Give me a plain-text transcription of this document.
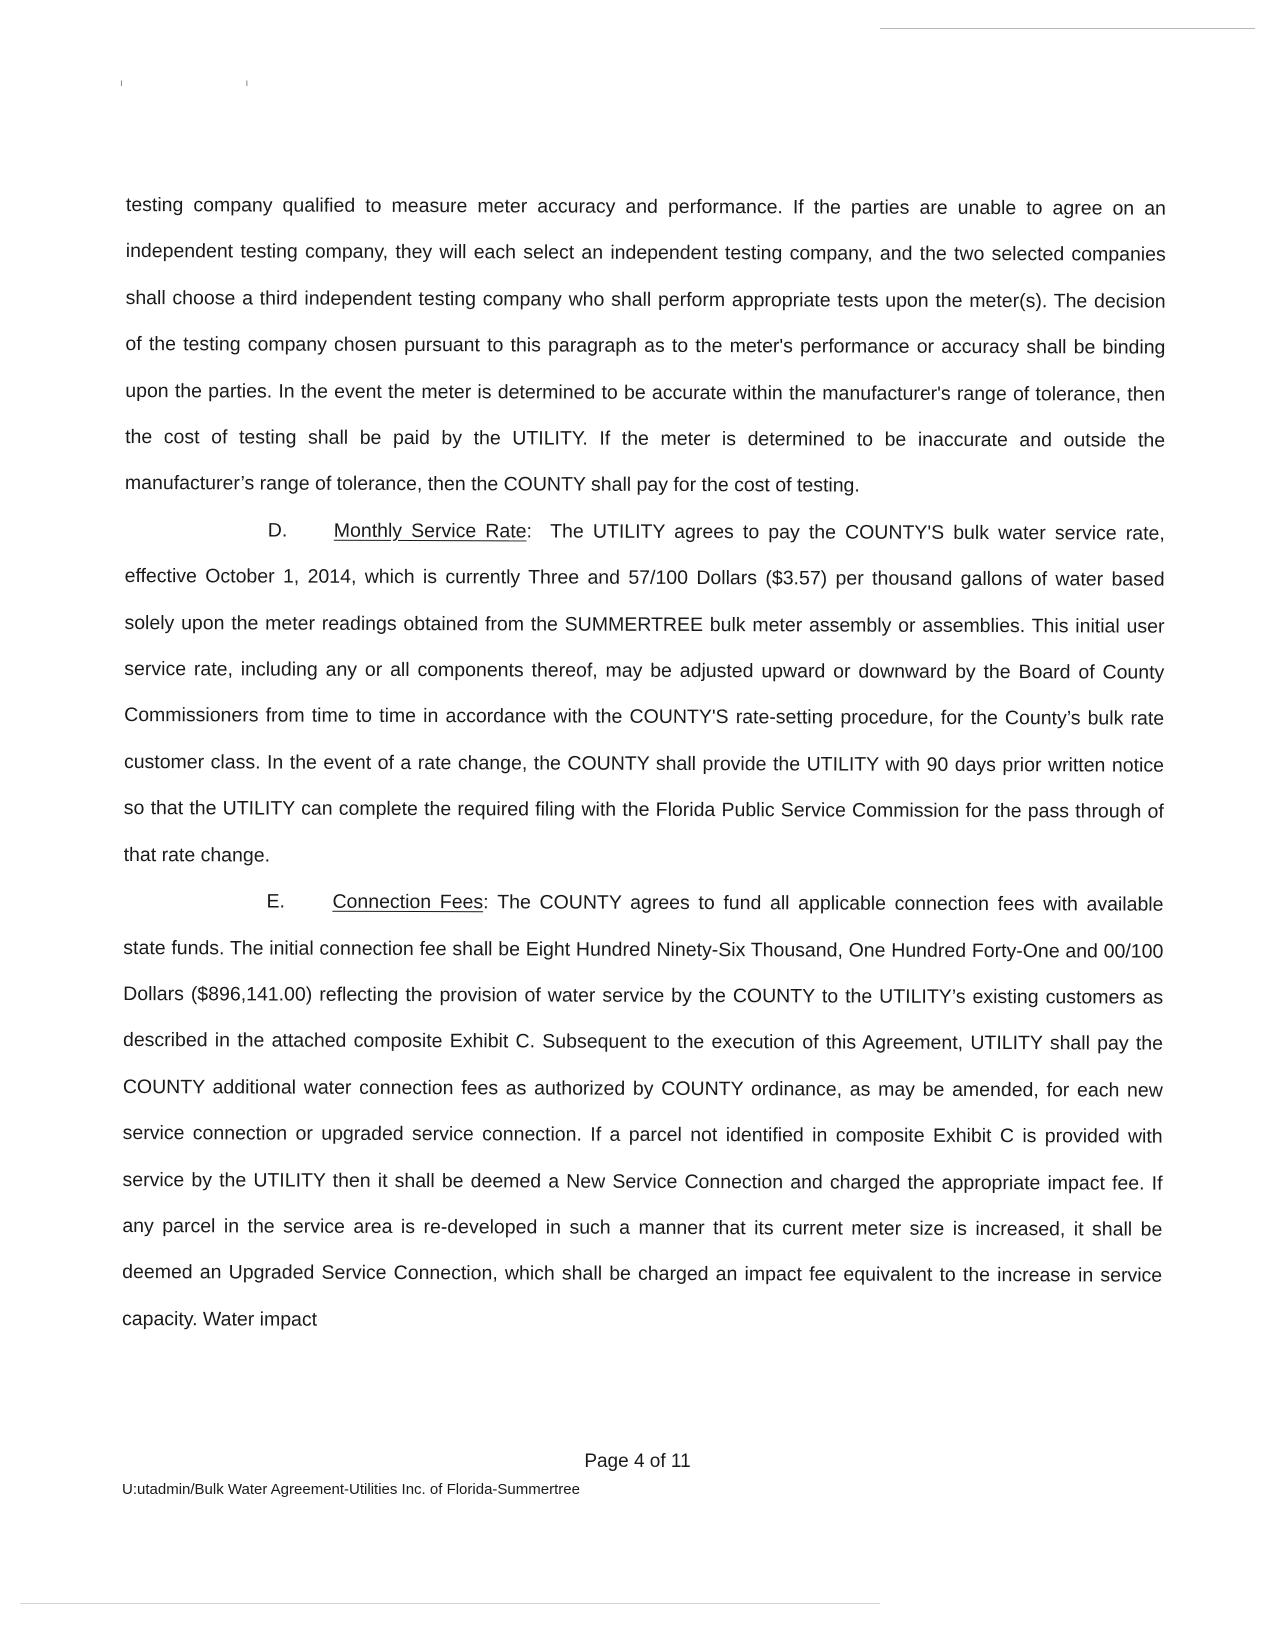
ı ı

testing company qualified to measure meter accuracy and performance. If the parties are unable to agree on an independent testing company, they will each select an independent testing company, and the two selected companies shall choose a third independent testing company who shall perform appropriate tests upon the meter(s). The decision of the testing company chosen pursuant to this paragraph as to the meter's performance or accuracy shall be binding upon the parties. In the event the meter is determined to be accurate within the manufacturer's range of tolerance, then the cost of testing shall be paid by the UTILITY. If the meter is determined to be inaccurate and outside the manufacturer’s range of tolerance, then the COUNTY shall pay for the cost of testing.

D. Monthly Service Rate: The UTILITY agrees to pay the COUNTY'S bulk water service rate, effective October 1, 2014, which is currently Three and 57/100 Dollars ($3.57) per thousand gallons of water based solely upon the meter readings obtained from the SUMMERTREE bulk meter assembly or assemblies. This initial user service rate, including any or all components thereof, may be adjusted upward or downward by the Board of County Commissioners from time to time in accordance with the COUNTY'S rate-setting procedure, for the County’s bulk rate customer class. In the event of a rate change, the COUNTY shall provide the UTILITY with 90 days prior written notice so that the UTILITY can complete the required filing with the Florida Public Service Commission for the pass through of that rate change.

E. Connection Fees: The COUNTY agrees to fund all applicable connection fees with available state funds. The initial connection fee shall be Eight Hundred Ninety-Six Thousand, One Hundred Forty-One and 00/100 Dollars ($896,141.00) reflecting the provision of water service by the COUNTY to the UTILITY’s existing customers as described in the attached composite Exhibit C. Subsequent to the execution of this Agreement, UTILITY shall pay the COUNTY additional water connection fees as authorized by COUNTY ordinance, as may be amended, for each new service connection or upgraded service connection. If a parcel not identified in composite Exhibit C is provided with service by the UTILITY then it shall be deemed a New Service Connection and charged the appropriate impact fee. If any parcel in the service area is re-developed in such a manner that its current meter size is increased, it shall be deemed an Upgraded Service Connection, which shall be charged an impact fee equivalent to the increase in service capacity. Water impact

Page 4 of 11
U:utadmin/Bulk Water Agreement-Utilities Inc. of Florida-Summertree
